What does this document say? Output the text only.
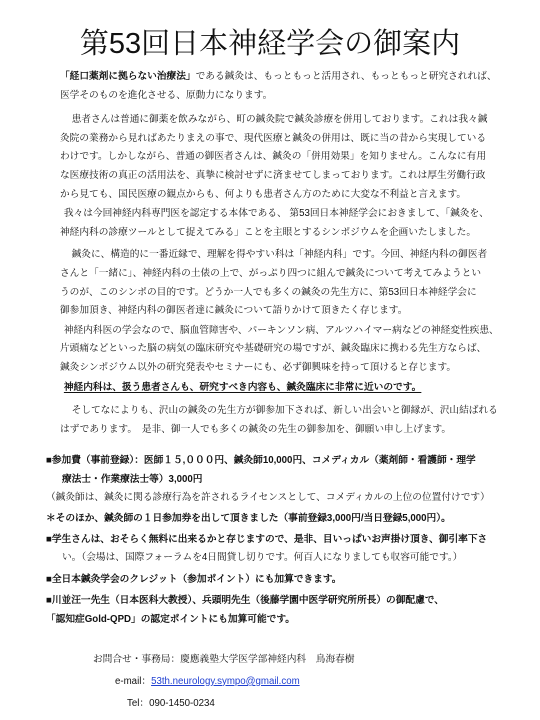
第53回日本神経学会の御案内
「経口薬剤に拠らない治療法」である鍼灸は、もっともっと活用され、もっともっと研究されれば、
医学そのものを進化させる、原動力になります。
患者さんは普通に御薬を飲みながら、町の鍼灸院で鍼灸診療を併用しております。これは我々鍼
灸院の業務から見ればあたりまえの事で、現代医療と鍼灸の併用は、既に当の昔から実現している
わけです。しかしながら、普通の御医者さんは、鍼灸の「併用効果」を知りません。こんなに有用
な医療技術の真正の活用法を、真摯に検討せずに済ませてしまっております。これは厚生労働行政
から見ても、国民医療の観点からも、何よりも患者さん方のために大変な不利益と言えます。
我々は今回神経内科専門医を認定する本体である、 第53回日本神経学会におきまして、「鍼灸を、
神経内科の診療ツールとして捉えてみる」ことを主眼とするシンポジウムを企画いたしました。
鍼灸に、構造的に一番近縁で、理解を得やすい科は「神経内科」です。今回、神経内科の御医者
さんと「一緒に」、神経内科の土俵の上で、がっぷり四つに組んで鍼灸について考えてみようとい
うのが、このシンポの目的です。どうか一人でも多くの鍼灸の先生方に、第53回日本神経学会に
御参加頂き、神経内科の御医者達に鍼灸について語りかけて頂きたく存じます。
神経内科医の学会なので、脳血管障害や、パーキンソン病、アルツハイマー病などの神経変性疾患、
片頭痛などといった脳の病気の臨床研究や基礎研究の場ですが、鍼灸臨床に携わる先生方ならば、
鍼灸シンポジウム以外の研究発表やセミナーにも、必ず御興味を持って頂けると存じます。
神経内科は、扱う患者さんも、研究すべき内容も、鍼灸臨床に非常に近いのです。
そしてなによりも、沢山の鍼灸の先生方が御参加下されば、新しい出会いと御縁が、沢山結ばれる
はずであります。　是非、御一人でも多くの鍼灸の先生の御参加を、御願い申し上げます。
■参加費（事前登録）：医師１５,０００円、鍼灸師10,000円、コメディカル（薬剤師・看護師・理学
療法士・作業療法士等）3,000円
（鍼灸師は、鍼灸に関る診療行為を許されるライセンスとして、コメディカルの上位の位置付けです）
＊そのほか、鍼灸師の１日参加券を出して頂きました（事前登録3,000円/当日登録5,000円）。
■学生さんは、おそらく無料に出来るかと存じますので、是非、目いっぱいお声掛け頂き、御引率下さ
い。（会場は、国際フォーラムを4日間貸し切りです。何百人になりましても収容可能です。）
■全日本鍼灸学会のクレジット（参加ポイント）にも加算できます。
■川並汪一先生（日本医科大教授）、兵頭明先生（後藤学園中医学研究所所長）の御配慮で、
「認知症Gold-QPD」の認定ポイントにも加算可能です。
お問合せ・事務局：慶應義塾大学医学部神経内科　鳥海春樹
e-mail：53th.neurology.sympo@gmail.com
Tel：090-1450-0234
